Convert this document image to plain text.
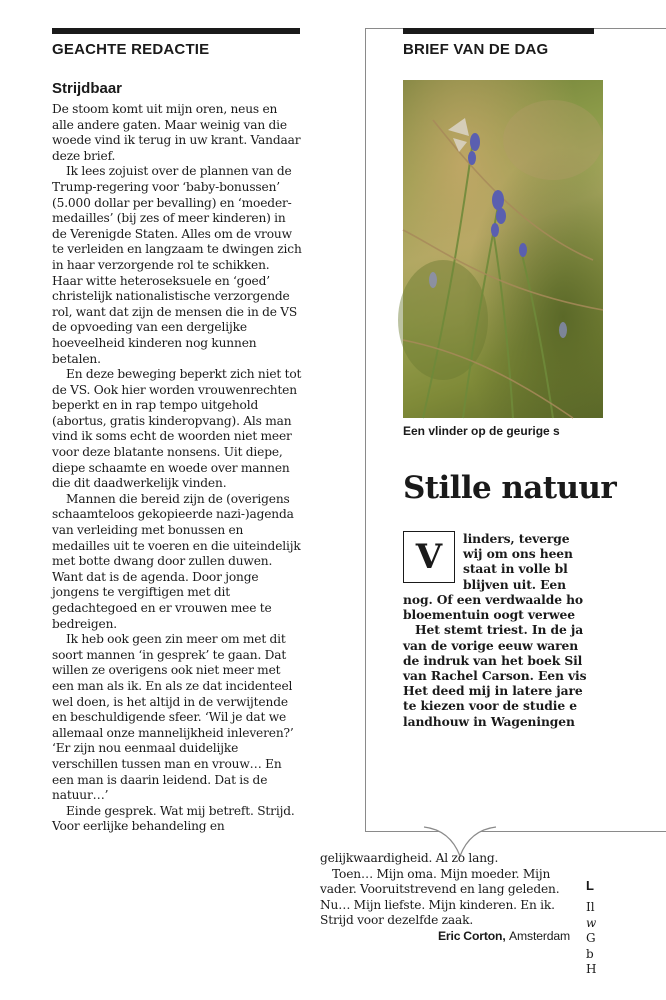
GEACHTE REDACTIE
Strijdbaar

De stoom komt uit mijn oren, neus en alle andere gaten. Maar weinig van die woede vind ik terug in uw krant. Vandaar deze brief.

Ik lees zojuist over de plannen van de Trump-regering voor ‘baby-bonussen’ (5.000 dollar per bevalling) en ‘moeder-medailles’ (bij zes of meer kinderen) in de Verenigde Staten. Alles om de vrouw te verleiden en langzaam te dwingen zich in haar verzorgende rol te schikken. Haar witte heteroseksuele en ‘goed’ christelijk nationalistische verzorgende rol, want dat zijn de mensen die in de VS de opvoeding van een dergelijke hoeveelheid kinderen nog kunnen betalen.

En deze beweging beperkt zich niet tot de VS. Ook hier worden vrouwenrechten beperkt en in rap tempo uitgehold (abortus, gratis kinderopvang). Als man vind ik soms echt de woorden niet meer voor deze blatante nonsens. Uit diepe, diepe schaamte en woede over mannen die dit daadwerkelijk vinden.

Mannen die bereid zijn de (overigens schaamteloos gekopieerde nazi-)agenda van verleiding met bonussen en medailles uit te voeren en die uiteindelijk met botte dwang door zullen duwen. Want dat is de agenda. Door jonge jongens te vergiftigen met dit gedachtegoed en er vrouwen mee te bedreigen.

Ik heb ook geen zin meer om met dit soort mannen ‘in gesprek’ te gaan. Dat willen ze overigens ook niet meer met een man als ik. En als ze dat incidenteel wel doen, is het altijd in de verwijtende en beschuldigende sfeer. ‘Wil je dat we allemaal onze mannelijkheid inleveren?’ ‘Er zijn nou eenmaal duidelijke verschillen tussen man en vrouw… En een man is daarin leidend. Dat is de natuur…’

Einde gesprek. Wat mij betreft. Strijd. Voor eerlijke behandeling en

BRIEF VAN DE DAG
Een vlinder op de geurige s
Stille natuur
V	linders, teverge
wij om ons heen
staat in volle bl
blijven uit. Een
nog. Of een verdwaalde ho
bloementuin oogt verwee
Het stemt triest. In de ja
van de vorige eeuw waren
de indruk van het boek Sil
van Rachel Carson. Een vis
Het deed mij in latere jare
te kiezen voor de studie e
landhouw in Wageningen

gelijkwaardigheid. Al zo lang.

Toen… Mijn oma. Mijn moeder. Mijn vader. Vooruitstrevend en lang geleden. Nu… Mijn liefste. Mijn kinderen. En ik. Strijd voor dezelfde zaak.

Eric Corton, Amsterdam

L
Il
w
G
b
H
